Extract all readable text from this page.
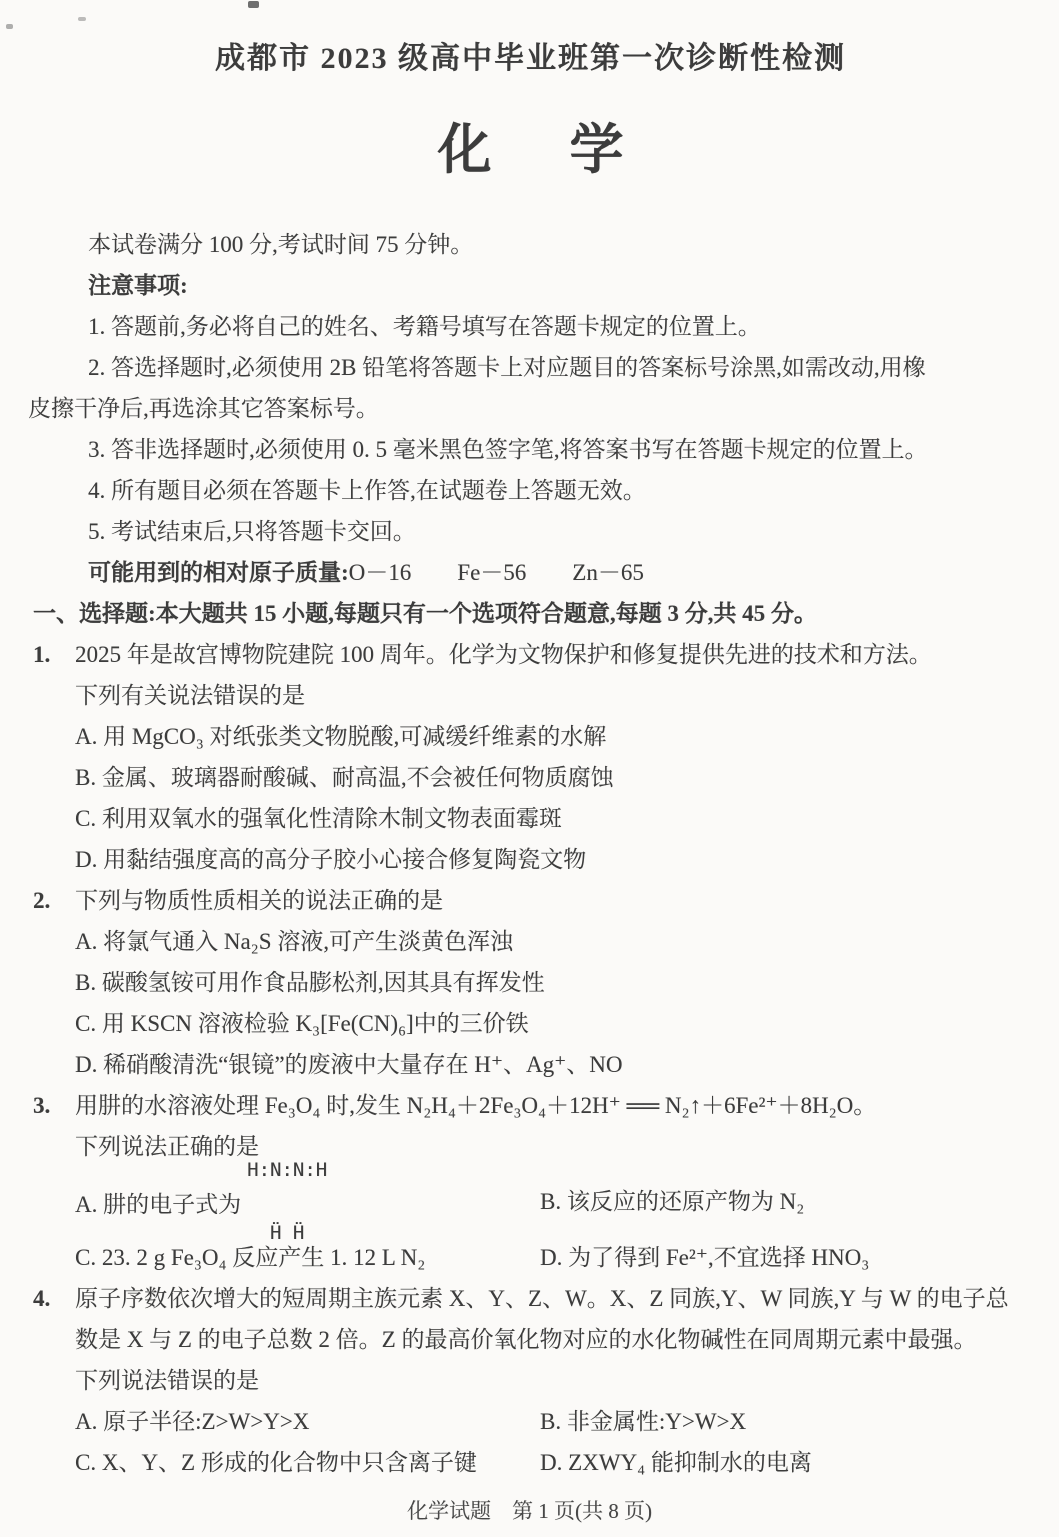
成都市 2023 级高中毕业班第一次诊断性检测
化　学
本试卷满分 100 分,考试时间 75 分钟。
注意事项:
1. 答题前,务必将自己的姓名、考籍号填写在答题卡规定的位置上。
2. 答选择题时,必须使用 2B 铅笔将答题卡上对应题目的答案标号涂黑,如需改动,用橡
皮擦干净后,再选涂其它答案标号。
3. 答非选择题时,必须使用 0. 5 毫米黑色签字笔,将答案书写在答题卡规定的位置上。
4. 所有题目必须在答题卡上作答,在试题卷上答题无效。
5. 考试结束后,只将答题卡交回。
可能用到的相对原子质量:O－16　　Fe－56　　Zn－65
一、选择题:本大题共 15 小题,每题只有一个选项符合题意,每题 3 分,共 45 分。
1. 2025 年是故宫博物院建院 100 周年。化学为文物保护和修复提供先进的技术和方法。
下列有关说法错误的是
A. 用 MgCO₃ 对纸张类文物脱酸,可减缓纤维素的水解
B. 金属、玻璃器耐酸碱、耐高温,不会被任何物质腐蚀
C. 利用双氧水的强氧化性清除木制文物表面霉斑
D. 用黏结强度高的高分子胶小心接合修复陶瓷文物
2. 下列与物质性质相关的说法正确的是
A. 将氯气通入 Na₂S 溶液,可产生淡黄色浑浊
B. 碳酸氢铵可用作食品膨松剂,因其具有挥发性
C. 用 KSCN 溶液检验 K₃[Fe(CN)₆]中的三价铁
D. 稀硝酸清洗“银镜”的废液中大量存在 H⁺、Ag⁺、NO
3. 用肼的水溶液处理 Fe₃O₄ 时,发生 N₂H₄＋2Fe₃O₄＋12H⁺ ══ N₂↑＋6Fe²⁺＋8H₂O。
下列说法正确的是
A. 肼的电子式为

H:N:N:H

Ḧ Ḧ

B. 该反应的还原产物为 N₂
C. 23. 2 g Fe₃O₄ 反应产生 1. 12 L N₂	D. 为了得到 Fe²⁺,不宜选择 HNO₃
4. 原子序数依次增大的短周期主族元素 X、Y、Z、W。X、Z 同族,Y、W 同族,Y 与 W 的电子总
数是 X 与 Z 的电子总数 2 倍。Z 的最高价氧化物对应的水化物碱性在同周期元素中最强。
下列说法错误的是
A. 原子半径:Z>W>Y>X	B. 非金属性:Y>W>X
C. X、Y、Z 形成的化合物中只含离子键	D. ZXWY₄ 能抑制水的电离
化学试题　第 1 页(共 8 页)
